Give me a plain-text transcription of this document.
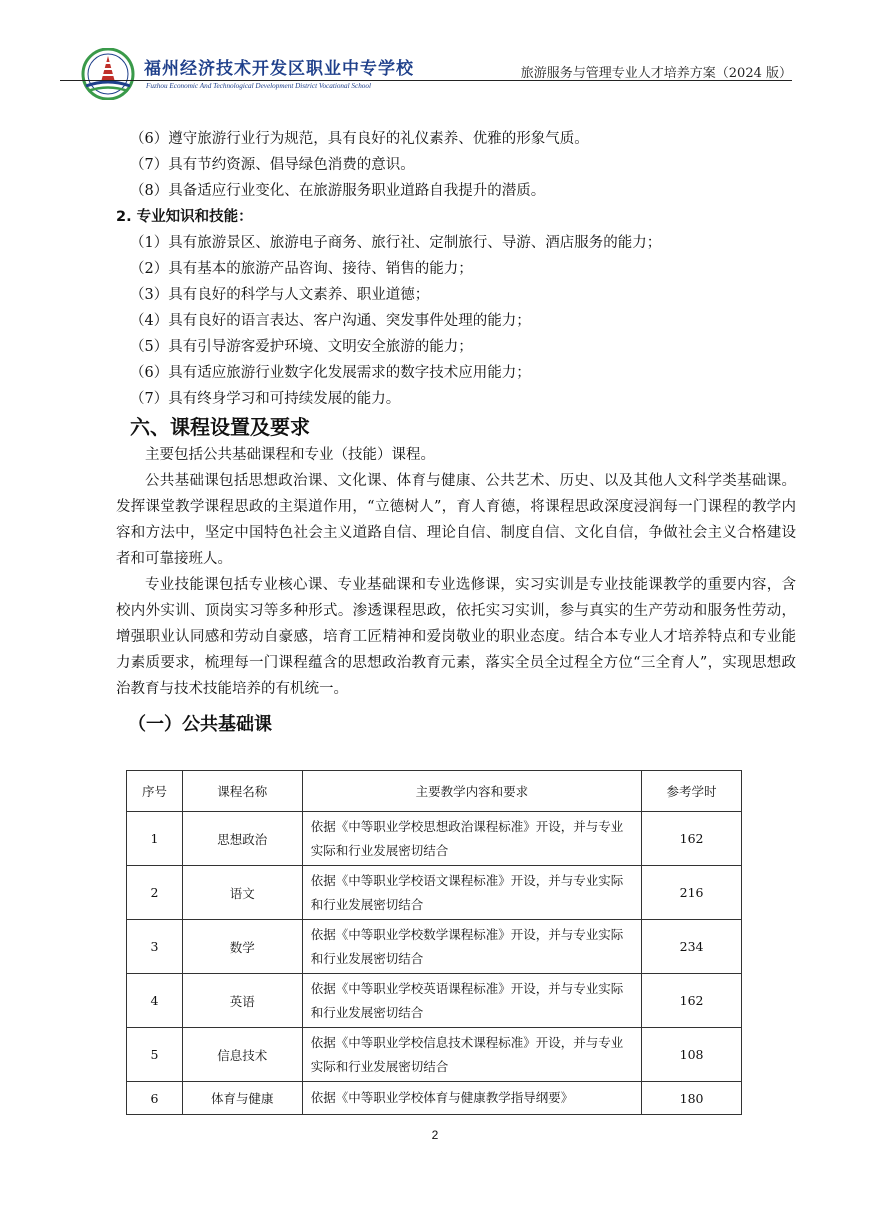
福州经济技术开发区职业中专学校
Fuzhou Economic And Technological Development District Vocational School
旅游服务与管理专业人才培养方案（2024 版）

（6）遵守旅游行业行为规范，具有良好的礼仪素养、优雅的形象气质。

（7）具有节约资源、倡导绿色消费的意识。

（8）具备适应行业变化、在旅游服务职业道路自我提升的潜质。

2. 专业知识和技能：

（1）具有旅游景区、旅游电子商务、旅行社、定制旅行、导游、酒店服务的能力；

（2）具有基本的旅游产品咨询、接待、销售的能力；

（3）具有良好的科学与人文素养、职业道德；

（4）具有良好的语言表达、客户沟通、突发事件处理的能力；

（5）具有引导游客爱护环境、文明安全旅游的能力；

（6）具有适应旅游行业数字化发展需求的数字技术应用能力；

（7）具有终身学习和可持续发展的能力。

六、课程设置及要求

主要包括公共基础课程和专业（技能）课程。

公共基础课包括思想政治课、文化课、体育与健康、公共艺术、历史、以及其他人文科学类基础课。发挥课堂教学课程思政的主渠道作用，“立德树人”，育人育德，将课程思政深度浸润每一门课程的教学内容和方法中，坚定中国特色社会主义道路自信、理论自信、制度自信、文化自信，争做社会主义合格建设者和可靠接班人。

专业技能课包括专业核心课、专业基础课和专业选修课，实习实训是专业技能课教学的重要内容，含校内外实训、顶岗实习等多种形式。渗透课程思政，依托实习实训，参与真实的生产劳动和服务性劳动，增强职业认同感和劳动自豪感，培育工匠精神和爱岗敬业的职业态度。结合本专业人才培养特点和专业能力素质要求，梳理每一门课程蕴含的思想政治教育元素，落实全员全过程全方位“三全育人”，实现思想政治教育与技术技能培养的有机统一。

（一）公共基础课

序号	课程名称	主要教学内容和要求	参考学时
1	思想政治	依据《中等职业学校思想政治课程标准》开设，并与专业实际和行业发展密切结合	162
2	语文	依据《中等职业学校语文课程标准》开设，并与专业实际和行业发展密切结合	216
3	数学	依据《中等职业学校数学课程标准》开设，并与专业实际和行业发展密切结合	234
4	英语	依据《中等职业学校英语课程标准》开设，并与专业实际和行业发展密切结合	162
5	信息技术	依据《中等职业学校信息技术课程标准》开设，并与专业实际和行业发展密切结合	108
6	体育与健康	依据《中等职业学校体育与健康教学指导纲要》	180
2
